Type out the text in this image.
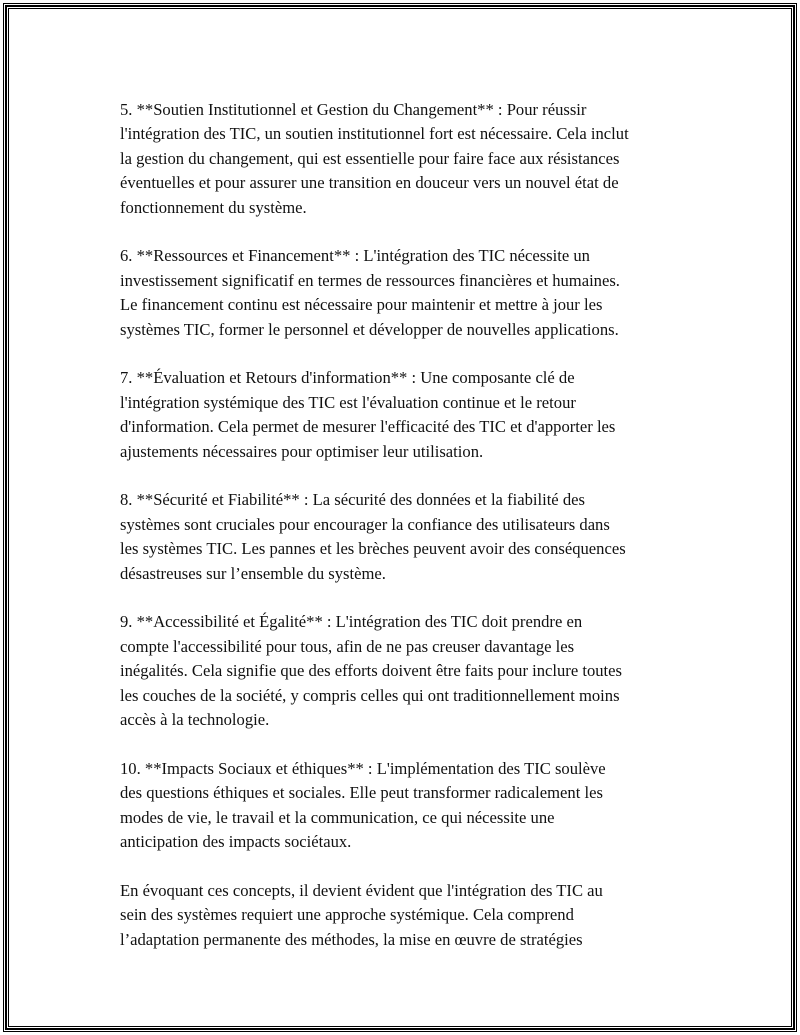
5. **Soutien Institutionnel et Gestion du Changement** : Pour réussir
l'intégration des TIC, un soutien institutionnel fort est nécessaire. Cela inclut
la gestion du changement, qui est essentielle pour faire face aux résistances
éventuelles et pour assurer une transition en douceur vers un nouvel état de
fonctionnement du système.

6. **Ressources et Financement** : L'intégration des TIC nécessite un
investissement significatif en termes de ressources financières et humaines.
Le financement continu est nécessaire pour maintenir et mettre à jour les
systèmes TIC, former le personnel et développer de nouvelles applications.

7. **Évaluation et Retours d'information** : Une composante clé de
l'intégration systémique des TIC est l'évaluation continue et le retour
d'information. Cela permet de mesurer l'efficacité des TIC et d'apporter les
ajustements nécessaires pour optimiser leur utilisation.

8. **Sécurité et Fiabilité** : La sécurité des données et la fiabilité des
systèmes sont cruciales pour encourager la confiance des utilisateurs dans
les systèmes TIC. Les pannes et les brèches peuvent avoir des conséquences
désastreuses sur l’ensemble du système.

9. **Accessibilité et Égalité** : L'intégration des TIC doit prendre en
compte l'accessibilité pour tous, afin de ne pas creuser davantage les
inégalités. Cela signifie que des efforts doivent être faits pour inclure toutes
les couches de la société, y compris celles qui ont traditionnellement moins
accès à la technologie.

10. **Impacts Sociaux et éthiques** : L'implémentation des TIC soulève
des questions éthiques et sociales. Elle peut transformer radicalement les
modes de vie, le travail et la communication, ce qui nécessite une
anticipation des impacts sociétaux.

En évoquant ces concepts, il devient évident que l'intégration des TIC au
sein des systèmes requiert une approche systémique. Cela comprend
l’adaptation permanente des méthodes, la mise en œuvre de stratégies
